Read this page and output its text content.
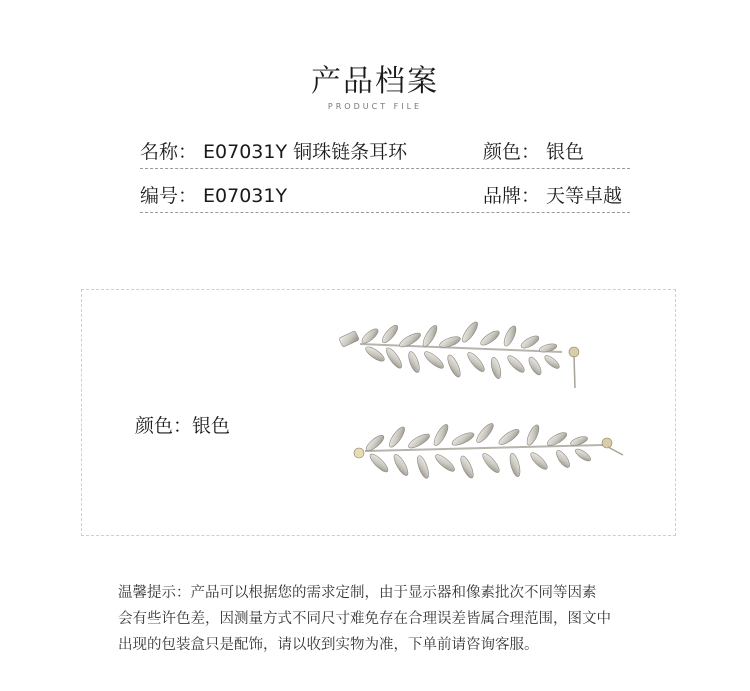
产品档案
PRODUCT FILE
名称： E07031Y 铜珠链条耳环	颜色： 银色
编号： E07031Y	品牌： 天等卓越
颜色：银色

温馨提示：产品可以根据您的需求定制，由于显示器和像素批次不同等因素

会有些许色差，因测量方式不同尺寸难免存在合理误差皆属合理范围，图文中

出现的包装盒只是配饰，请以收到实物为准，下单前请咨询客服。
